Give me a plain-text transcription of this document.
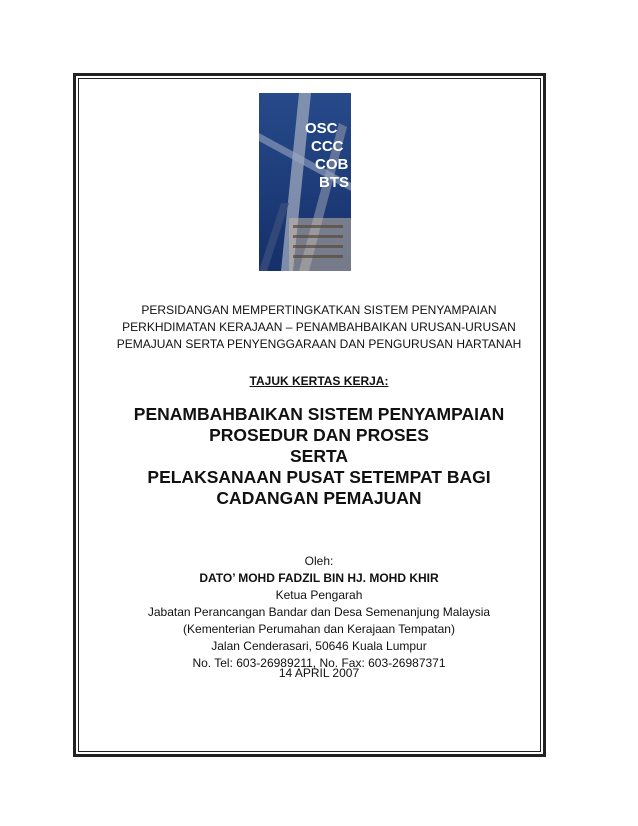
OSC
CCC
COB
BTS
PERSIDANGAN MEMPERTINGKATKAN SISTEM PENYAMPAIAN
PERKHDIMATAN KERAJAAN – PENAMBAHBAIKAN URUSAN-URUSAN
PEMAJUAN SERTA PENYENGGARAAN DAN PENGURUSAN HARTANAH
TAJUK KERTAS KERJA:
PENAMBAHBAIKAN SISTEM PENYAMPAIAN
PROSEDUR DAN PROSES
SERTA
PELAKSANAAN PUSAT SETEMPAT BAGI
CADANGAN PEMAJUAN
Oleh:
DATO’ MOHD FADZIL BIN HJ. MOHD KHIR
Ketua Pengarah
Jabatan Perancangan Bandar dan Desa Semenanjung Malaysia
(Kementerian Perumahan dan Kerajaan Tempatan)
Jalan Cenderasari, 50646 Kuala Lumpur
No. Tel: 603-26989211, No. Fax: 603-26987371
14 APRIL 2007
